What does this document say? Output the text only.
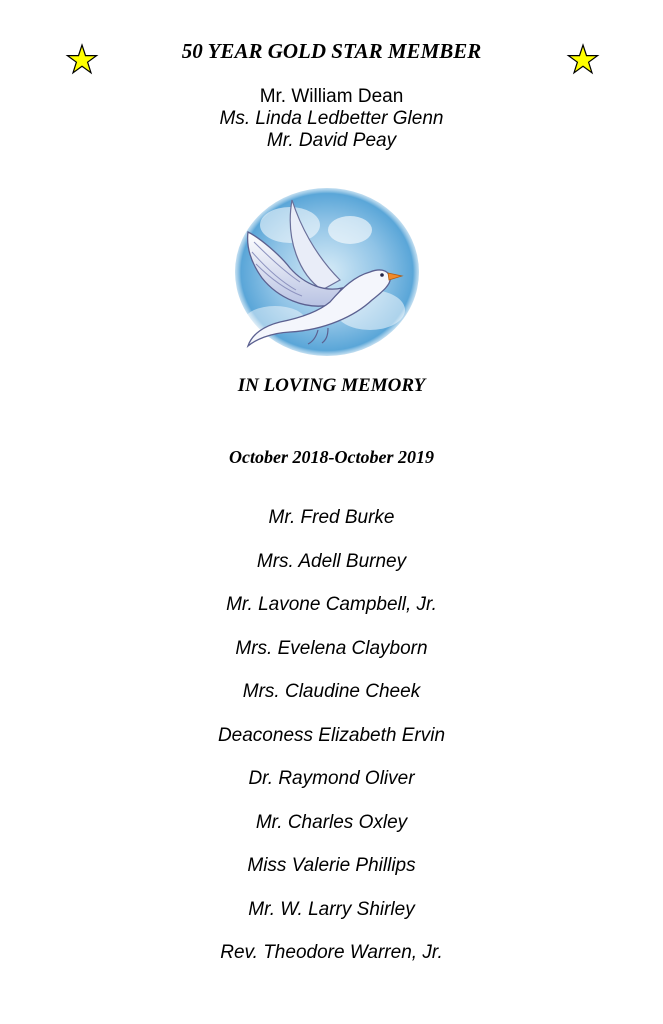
50 YEAR GOLD STAR MEMBER
Mr. William Dean
Ms. Linda Ledbetter Glenn
Mr. David Peay
IN LOVING MEMORY
October 2018-October 2019
Mr. Fred Burke
Mrs. Adell Burney
Mr. Lavone Campbell, Jr.
Mrs. Evelena Clayborn
Mrs. Claudine Cheek
Deaconess Elizabeth Ervin
Dr. Raymond Oliver
Mr. Charles Oxley
Miss Valerie Phillips
Mr. W. Larry Shirley
Rev. Theodore Warren, Jr.
